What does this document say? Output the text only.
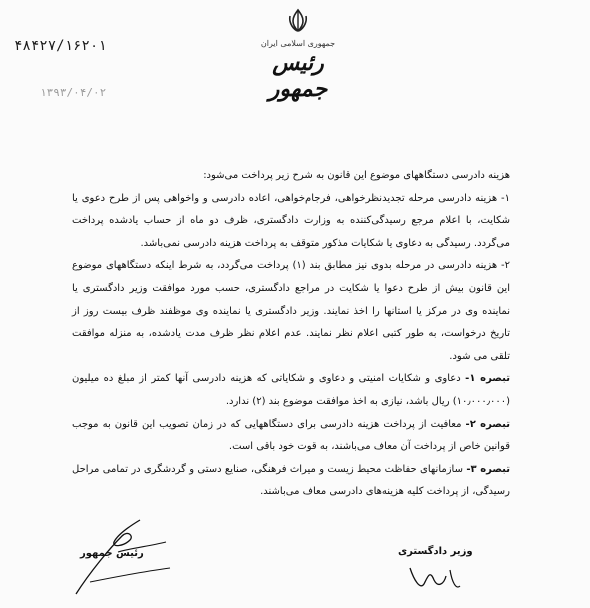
۴۸۴۲۷/۱۶۲۰۱
۱۳۹۳/۰۴/۰۲
جمهوری اسلامی ایران
رئیس جمهور

هزینه دادرسی دستگاههای موضوع این قانون به شرح زیر پرداخت می‌شود:

۱- هزینه دادرسی مرحله تجدیدنظرخواهی، فرجام‌خواهی، اعاده دادرسی و واخواهی پس از طرح دعوی یا شکایت، با اعلام مرجع رسیدگی‌کننده به وزارت دادگستری، ظرف دو ماه از حساب یادشده پرداخت می‌گردد. رسیدگی به دعاوی یا شکایات مذکور متوقف به پرداخت هزینه دادرسی نمی‌باشد.

۲- هزینه دادرسی در مرحله بدوی نیز مطابق بند (۱) پرداخت می‌گردد، به شرط اینکه دستگاههای موضوع این قانون بیش از طرح دعوا یا شکایت در مراجع دادگستری، حسب مورد موافقت وزیر دادگستری یا نماینده وی در مرکز یا استانها را اخذ نمایند. وزیر دادگستری یا نماینده وی موظفند ظرف بیست روز از تاریخ درخواست، به طور کتبی اعلام نظر نمایند. عدم اعلام نظر ظرف مدت یادشده، به منزله موافقت تلقی می شود.

تبصره ۱- دعاوی و شکایات امنیتی و دعاوی و شکایاتی که هزینه دادرسی آنها کمتر از مبلغ ده میلیون (۱۰٫۰۰۰٫۰۰۰) ریال باشد، نیازی به اخذ موافقت موضوع بند (۲) ندارد.

تبصره ۲- معافیت از پرداخت هزینه دادرسی برای دستگاههایی که در زمان تصویب این قانون به موجب قوانین خاص از پرداخت آن معاف می‌باشند، به قوت خود باقی است.

تبصره ۳- سازمانهای حفاظت محیط زیست و میراث فرهنگی، صنایع دستی و گردشگری در تمامی مراحل رسیدگی، از پرداخت کلیه هزینه‌های دادرسی معاف می‌باشند.

رئیس جمهور	وزیر دادگستری
